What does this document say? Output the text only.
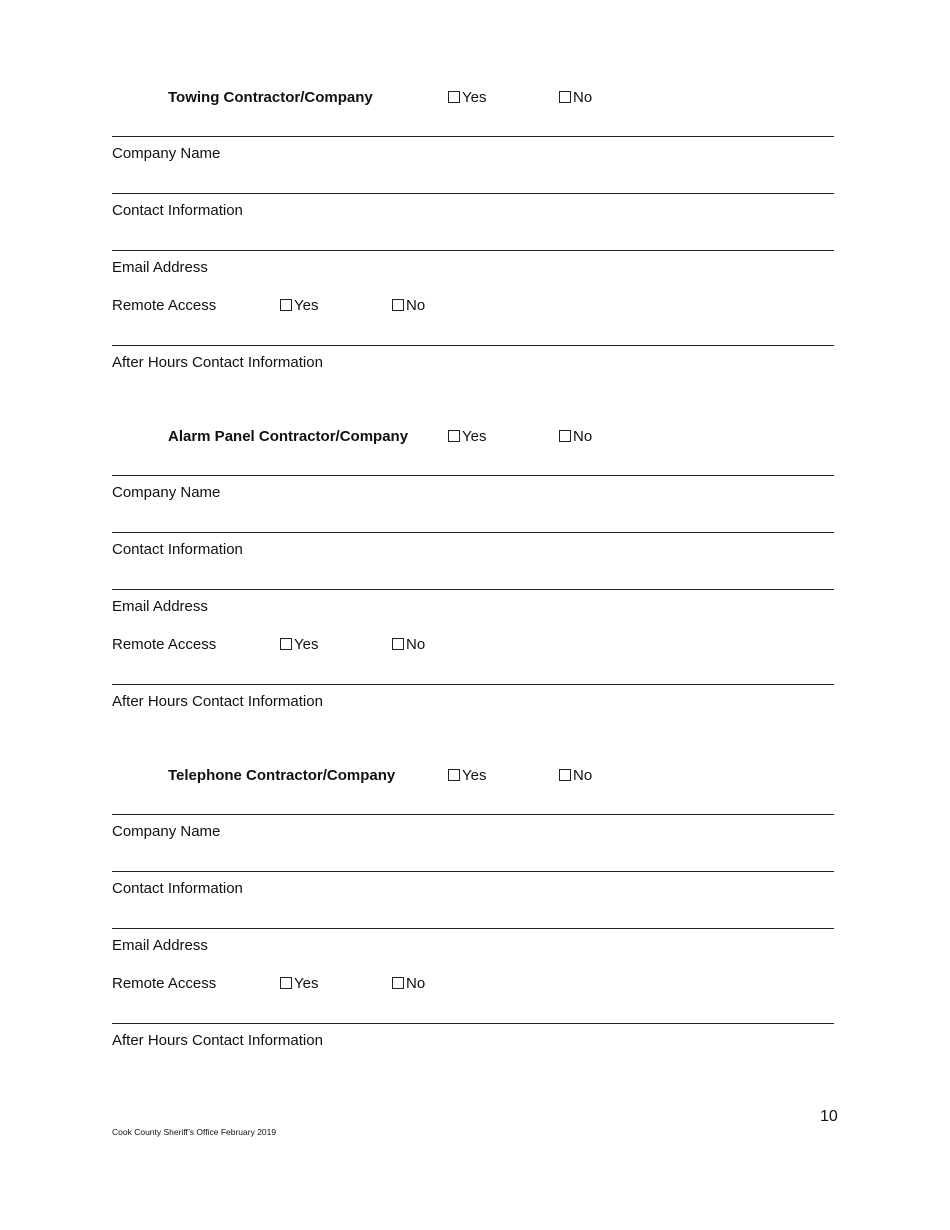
Towing Contractor/Company	Yes	No
Company Name
Contact Information
Email Address
Remote Access	Yes	No
After Hours Contact Information
Alarm Panel Contractor/Company	Yes	No
Company Name
Contact Information
Email Address
Remote Access	Yes	No
After Hours Contact Information
Telephone Contractor/Company	Yes	No
Company Name
Contact Information
Email Address
Remote Access	Yes	No
After Hours Contact Information
10
Cook County Sheriff’s Office February 2019
